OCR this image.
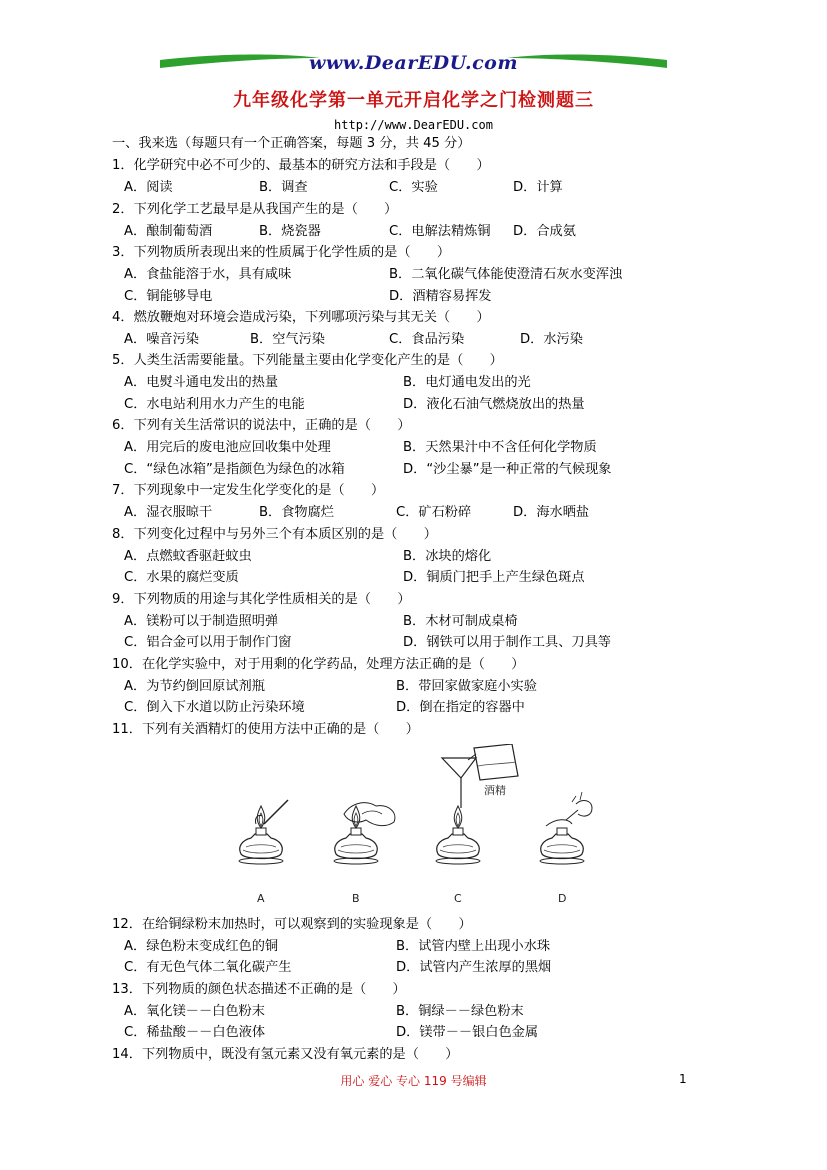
www.DearEDU.com
九年级化学第一单元开启化学之门检测题三
http://www.DearEDU.com
一、我来选（每题只有一个正确答案，每题 3 分，共 45 分）
1．化学研究中必不可少的、最基本的研究方法和手段是（　　）
A．阅读	B．调查	C．实验	D．计算
2．下列化学工艺最早是从我国产生的是（　　）
A．酿制葡萄酒	B．烧瓷器	C．电解法精炼铜 D．合成氨
3．下列物质所表现出来的性质属于化学性质的是（　　）
A．食盐能溶于水，具有咸味	B．二氧化碳气体能使澄清石灰水变浑浊
C．铜能够导电	D．酒精容易挥发
4．燃放鞭炮对环境会造成污染，下列哪项污染与其无关（　　）
A．噪音污染	B．空气污染	C．食品污染	D．水污染
5．人类生活需要能量。下列能量主要由化学变化产生的是（　　）
A．电熨斗通电发出的热量	B．电灯通电发出的光
C．水电站利用水力产生的电能	D．液化石油气燃烧放出的热量
6．下列有关生活常识的说法中，正确的是（　　）
A．用完后的废电池应回收集中处理	B．天然果汁中不含任何化学物质
C．“绿色冰箱”是指颜色为绿色的冰箱	D．“沙尘暴”是一种正常的气候现象
7．下列现象中一定发生化学变化的是（　　）
A．湿衣服晾干	B．食物腐烂	C．矿石粉碎	D．海水晒盐
8．下列变化过程中与另外三个有本质区别的是（　　）
A．点燃蚊香驱赶蚊虫	B．冰块的熔化
C．水果的腐烂变质	D．铜质门把手上产生绿色斑点
9．下列物质的用途与其化学性质相关的是（　　）
A．镁粉可以于制造照明弹	B．木材可制成桌椅
C．铝合金可以用于制作门窗	D．钢铁可以用于制作工具、刀具等
10．在化学实验中，对于用剩的化学药品，处理方法正确的是（　　）
A．为节约倒回原试剂瓶	B．带回家做家庭小实验
C．倒入下水道以防止污染环境	D．倒在指定的容器中
11．下列有关酒精灯的使用方法中正确的是（　　）
酒精
A	B	C	D
12．在给铜绿粉末加热时，可以观察到的实验现象是（　　）
A．绿色粉末变成红色的铜	B．试管内壁上出现小水珠
C．有无色气体二氧化碳产生	D．试管内产生浓厚的黑烟
13．下列物质的颜色状态描述不正确的是（　　）
A．氧化镁－－白色粉末	B．铜绿－－绿色粉末
C．稀盐酸－－白色液体	D．镁带－－银白色金属
14．下列物质中，既没有氢元素又没有氧元素的是（　　）
用心 爱心 专心 119 号编辑	1
